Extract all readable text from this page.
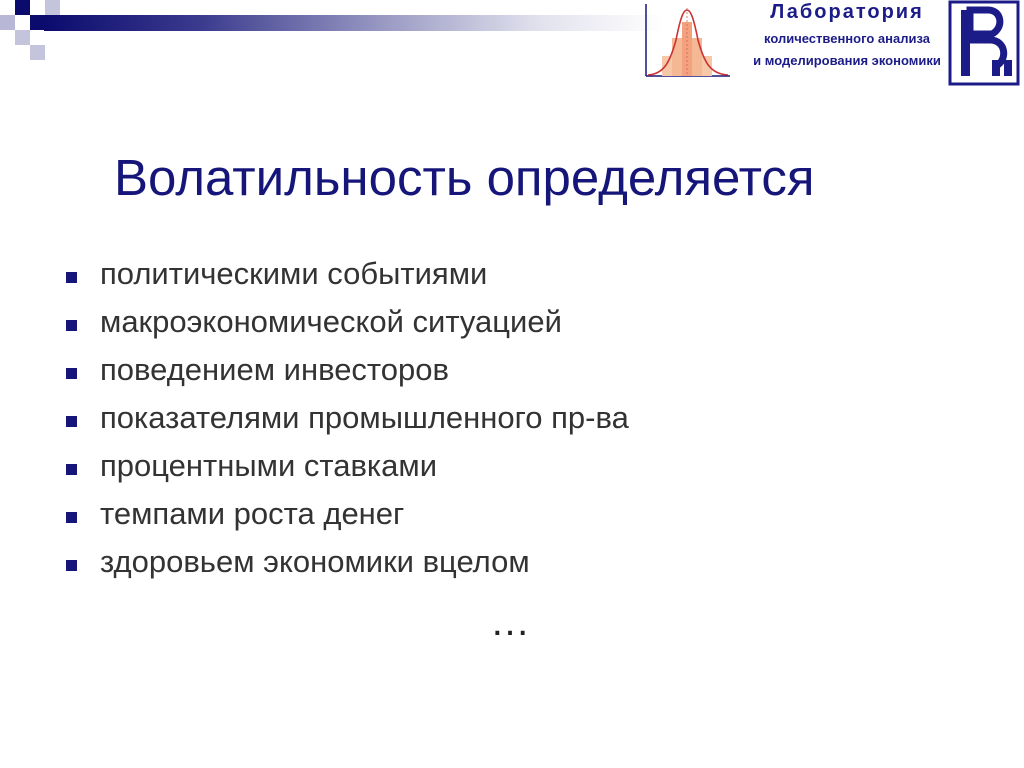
Лаборатория
количественного анализа
и моделирования экономики
Волатильность определяется
политическими событиями
макроэкономической ситуацией
поведением инвесторов
показателями промышленного пр-ва
процентными ставками
темпами роста денег
здоровьем экономики вцелом
…
